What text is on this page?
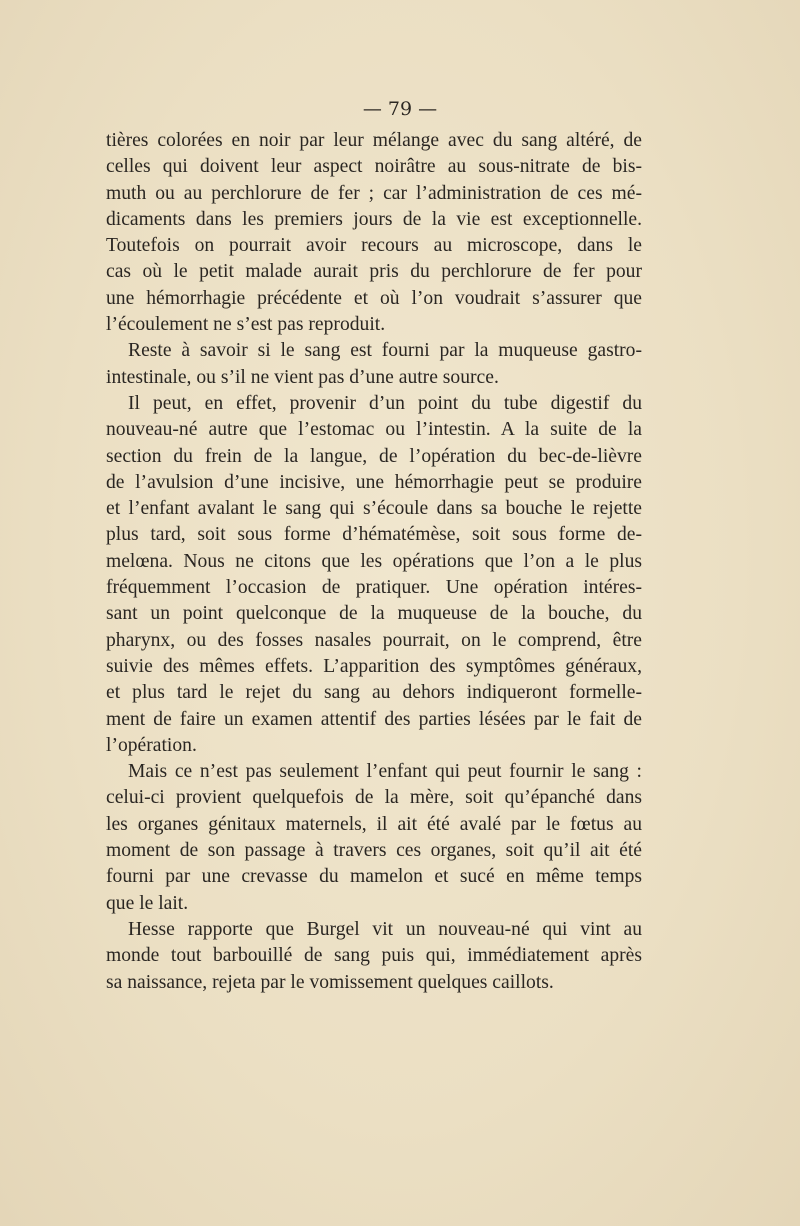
— 79 —

tières colorées en noir par leur mélange avec du sang altéré, de
celles qui doivent leur aspect noirâtre au sous-nitrate de bis-
muth ou au perchlorure de fer ; car l’administration de ces mé-
dicaments dans les premiers jours de la vie est exceptionnelle.
Toutefois on pourrait avoir recours au microscope, dans le
cas où le petit malade aurait pris du perchlorure de fer pour
une hémorrhagie précédente et où l’on voudrait s’assurer que
l’écoulement ne s’est pas reproduit.

Reste à savoir si le sang est fourni par la muqueuse gastro-
intestinale, ou s’il ne vient pas d’une autre source.

Il peut, en effet, provenir d’un point du tube digestif du
nouveau-né autre que l’estomac ou l’intestin. A la suite de la
section du frein de la langue, de l’opération du bec-de-lièvre
de l’avulsion d’une incisive, une hémorrhagie peut se produire
et l’enfant avalant le sang qui s’écoule dans sa bouche le rejette
plus tard, soit sous forme d’hématémèse, soit sous forme de-
melœna. Nous ne citons que les opérations que l’on a le plus
fréquemment l’occasion de pratiquer. Une opération intéres-
sant un point quelconque de la muqueuse de la bouche, du
pharynx, ou des fosses nasales pourrait, on le comprend, être
suivie des mêmes effets. L’apparition des symptômes généraux,
et plus tard le rejet du sang au dehors indiqueront formelle-
ment de faire un examen attentif des parties lésées par le fait de
l’opération.

Mais ce n’est pas seulement l’enfant qui peut fournir le sang :
celui-ci provient quelquefois de la mère, soit qu’épanché dans
les organes génitaux maternels, il ait été avalé par le fœtus au
moment de son passage à travers ces organes, soit qu’il ait été
fourni par une crevasse du mamelon et sucé en même temps
que le lait.

Hesse rapporte que Burgel vit un nouveau-né qui vint au
monde tout barbouillé de sang puis qui, immédiatement après
sa naissance, rejeta par le vomissement quelques caillots.
